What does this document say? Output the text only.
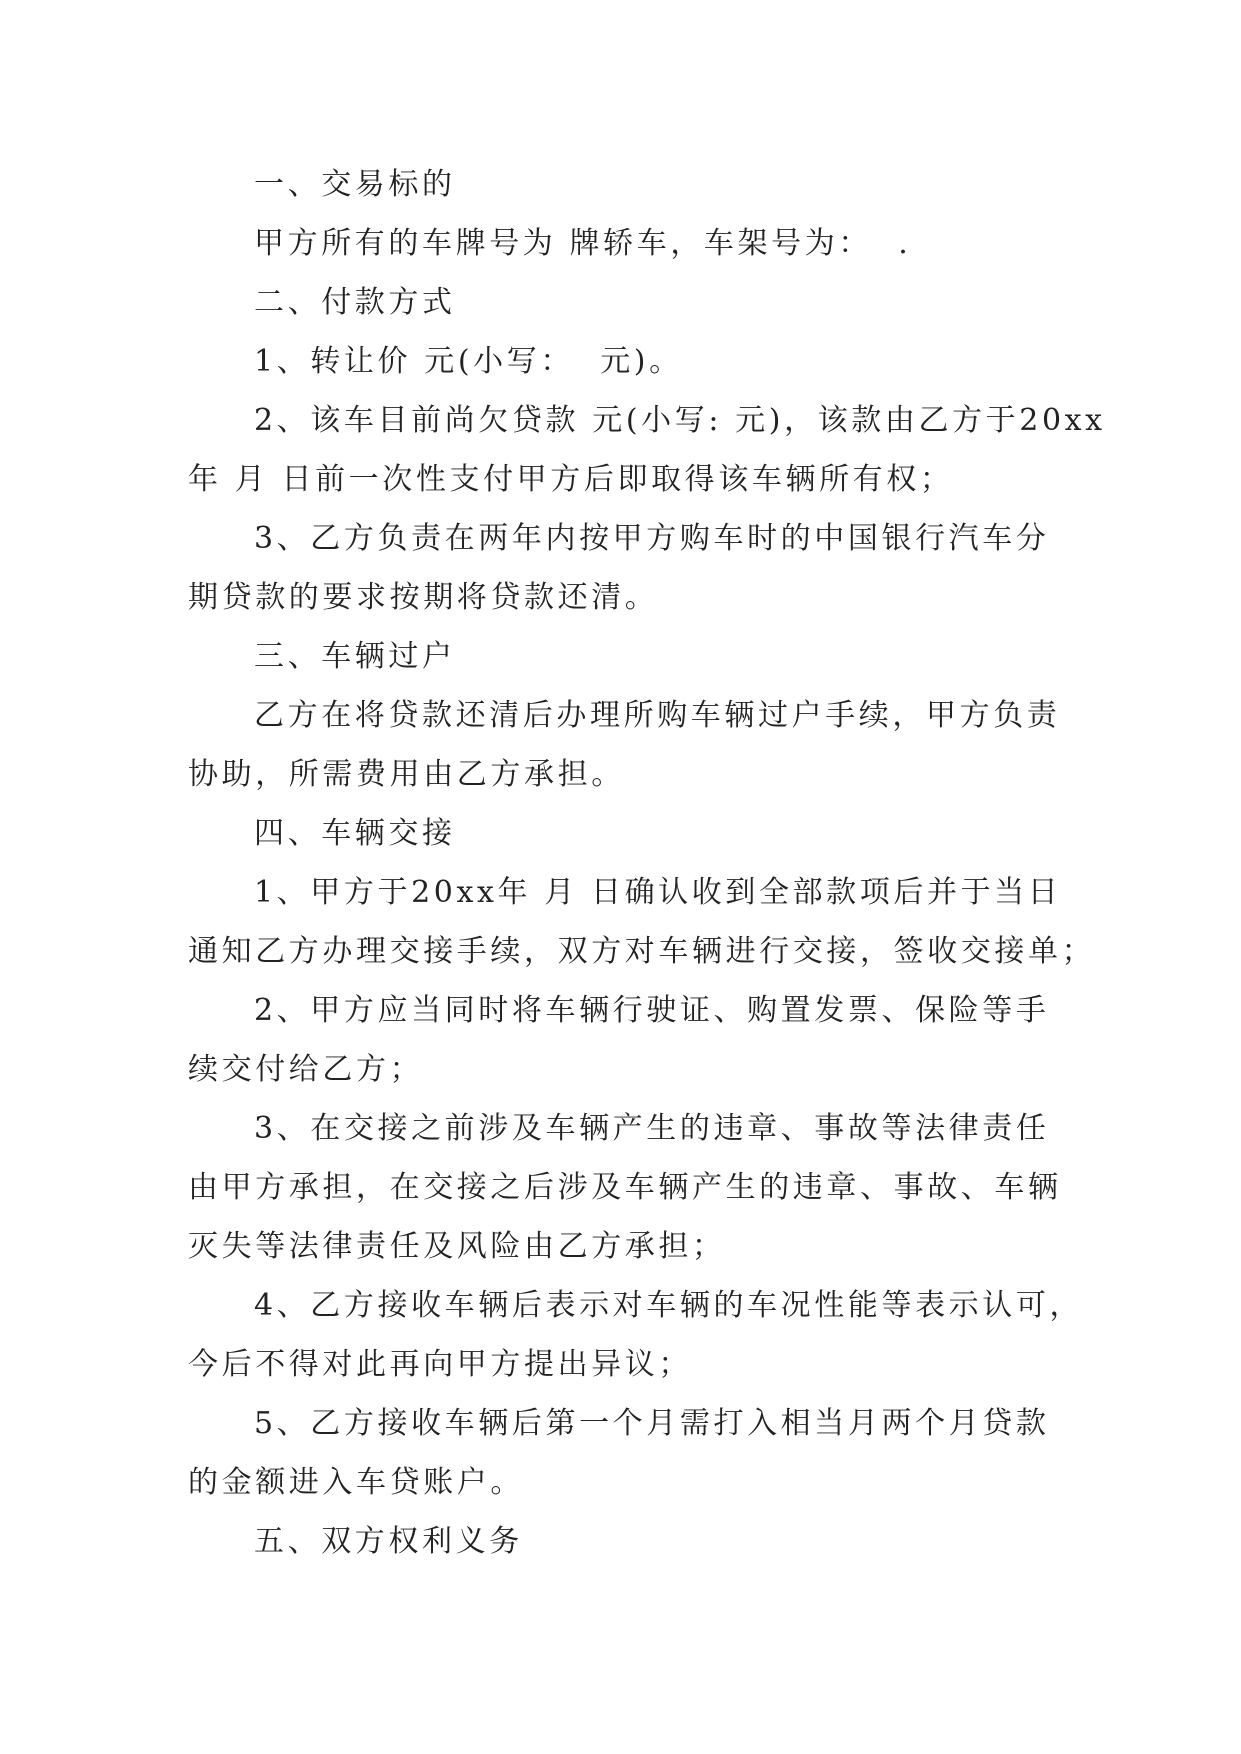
一、交易标的
甲方所有的车牌号为 牌轿车，车架号为：  .
二、付款方式
1、转让价 元(小写：  元)。
2、该车目前尚欠贷款 元(小写: 元)，该款由乙方于20xx
年 月 日前一次性支付甲方后即取得该车辆所有权；
3、乙方负责在两年内按甲方购车时的中国银行汽车分
期贷款的要求按期将贷款还清。
三、车辆过户
乙方在将贷款还清后办理所购车辆过户手续，甲方负责
协助，所需费用由乙方承担。
四、车辆交接
1、甲方于20xx年 月 日确认收到全部款项后并于当日
通知乙方办理交接手续，双方对车辆进行交接，签收交接单；
2、甲方应当同时将车辆行驶证、购置发票、保险等手
续交付给乙方；
3、在交接之前涉及车辆产生的违章、事故等法律责任
由甲方承担，在交接之后涉及车辆产生的违章、事故、车辆
灭失等法律责任及风险由乙方承担；
4、乙方接收车辆后表示对车辆的车况性能等表示认可，
今后不得对此再向甲方提出异议；
5、乙方接收车辆后第一个月需打入相当月两个月贷款
的金额进入车贷账户。
五、双方权利义务
